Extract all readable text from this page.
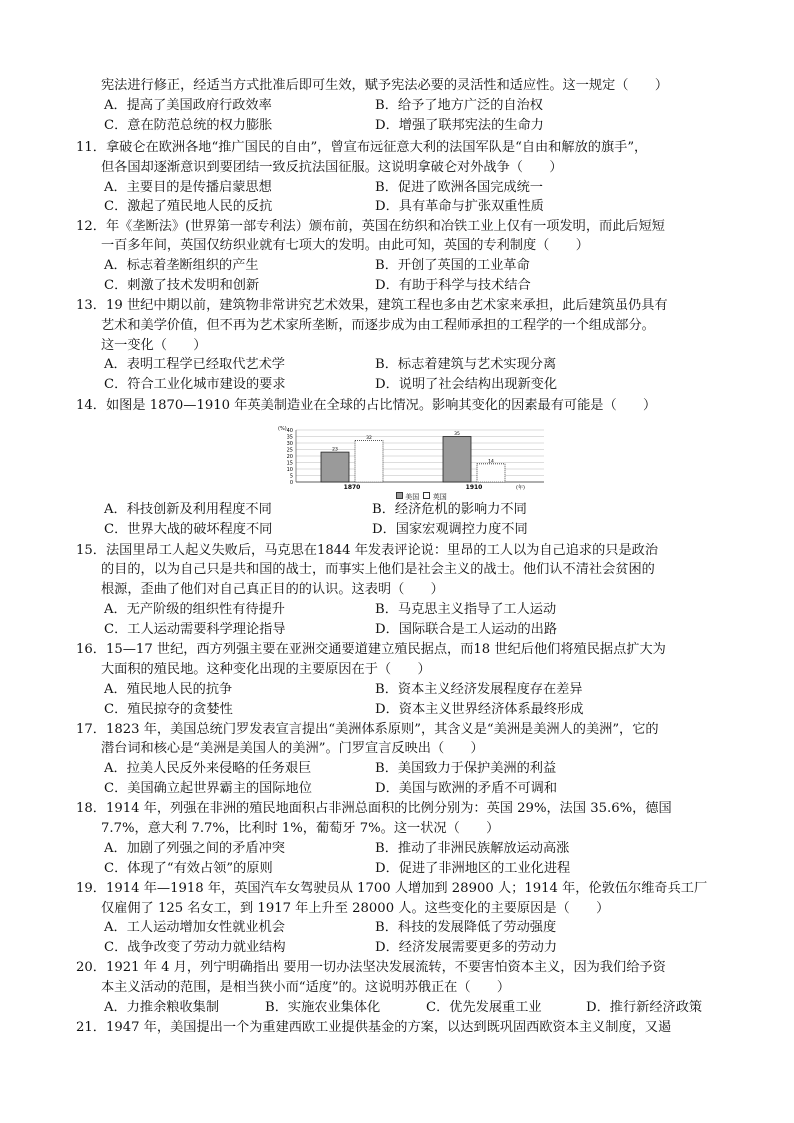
宪法进行修正，经适当方式批准后即可生效，赋予宪法必要的灵活性和适应性。这一规定（　　）
A．提高了美国政府行政效率	B．给予了地方广泛的自治权
C．意在防范总统的权力膨胀	D．增强了联邦宪法的生命力
11．拿破仑在欧洲各地“推广国民的自由”，曾宣布远征意大利的法国军队是“自由和解放的旗手”，
但各国却逐渐意识到要团结一致反抗法国征服。这说明拿破仑对外战争（　　）
A．主要目的是传播启蒙思想	B．促进了欧洲各国完成统一
C．激起了殖民地人民的反抗	D．具有革命与扩张双重性质
12．年《垄断法》(世界第一部专利法）颁布前，英国在纺织和冶铁工业上仅有一项发明，而此后短短
一百多年间，英国仅纺织业就有七项大的发明。由此可知，英国的专利制度（　　）
A．标志着垄断组织的产生	B．开创了英国的工业革命
C．刺激了技术发明和创新	D．有助于科学与技术结合
13．19 世纪中期以前，建筑物非常讲究艺术效果，建筑工程也多由艺术家来承担，此后建筑虽仍具有
艺术和美学价值，但不再为艺术家所垄断，而逐步成为由工程师承担的工程学的一个组成部分。
这一变化（　　）
A．表明工程学已经取代艺术学	B．标志着建筑与艺术实现分离
C．符合工业化城市建设的要求	D．说明了社会结构出现新变化
14．如图是 1870—1910 年英美制造业在全球的占比情况。影响其变化的因素最有可能是（　　）
(%)
0
5
10
15
20
25
30
35
40
23
32
1870
35
14
1910	(年)
美国 英国
A．科技创新及利用程度不同	B．经济危机的影响力不同
C．世界大战的破坏程度不同	D．国家宏观调控力度不同
15．法国里昂工人起义失败后，马克思在1844 年发表评论说：里昂的工人以为自己追求的只是政治
的目的，以为自己只是共和国的战士，而事实上他们是社会主义的战士。他们认不清社会贫困的
根源，歪曲了他们对自己真正目的的认识。这表明（　　）
A．无产阶级的组织性有待提升	B．马克思主义指导了工人运动
C．工人运动需要科学理论指导	D．国际联合是工人运动的出路
16．15—17 世纪，西方列强主要在亚洲交通要道建立殖民据点，而18 世纪后他们将殖民据点扩大为
大面积的殖民地。这种变化出现的主要原因在于（　　）
A．殖民地人民的抗争	B．资本主义经济发展程度存在差异
C．殖民掠夺的贪婪性	D．资本主义世界经济体系最终形成
17．1823 年，美国总统门罗发表宣言提出“美洲体系原则”，其含义是“美洲是美洲人的美洲”，它的
潜台词和核心是“美洲是美国人的美洲”。门罗宣言反映出（　　）
A．拉美人民反外来侵略的任务艰巨	B．美国致力于保护美洲的利益
C．美国确立起世界霸主的国际地位	D．美国与欧洲的矛盾不可调和
18．1914 年，列强在非洲的殖民地面积占非洲总面积的比例分别为：英国 29%，法国 35.6%，德国
7.7%，意大利 7.7%，比利时 1%，葡萄牙 7%。这一状况（　　）
A．加剧了列强之间的矛盾冲突	B．推动了非洲民族解放运动高涨
C．体现了“有效占领”的原则	D．促进了非洲地区的工业化进程
19．1914 年—1918 年，英国汽车女驾驶员从 1700 人增加到 28900 人；1914 年，伦敦伍尔维奇兵工厂
仅雇佣了 125 名女工，到 1917 年上升至 28000 人。这些变化的主要原因是（　　）
A．工人运动增加女性就业机会	B．科技的发展降低了劳动强度
C．战争改变了劳动力就业结构	D．经济发展需要更多的劳动力
20．1921 年 4 月，列宁明确指出 要用一切办法坚决发展流转，不要害怕资本主义，因为我们给予资
本主义活动的范围，是相当狭小而“适度”的。这说明苏俄正在（　　）
A．力推余粮收集制	B．实施农业集体化	C．优先发展重工业	D．推行新经济政策
21．1947 年，美国提出一个为重建西欧工业提供基金的方案，以达到既巩固西欧资本主义制度，又遏
